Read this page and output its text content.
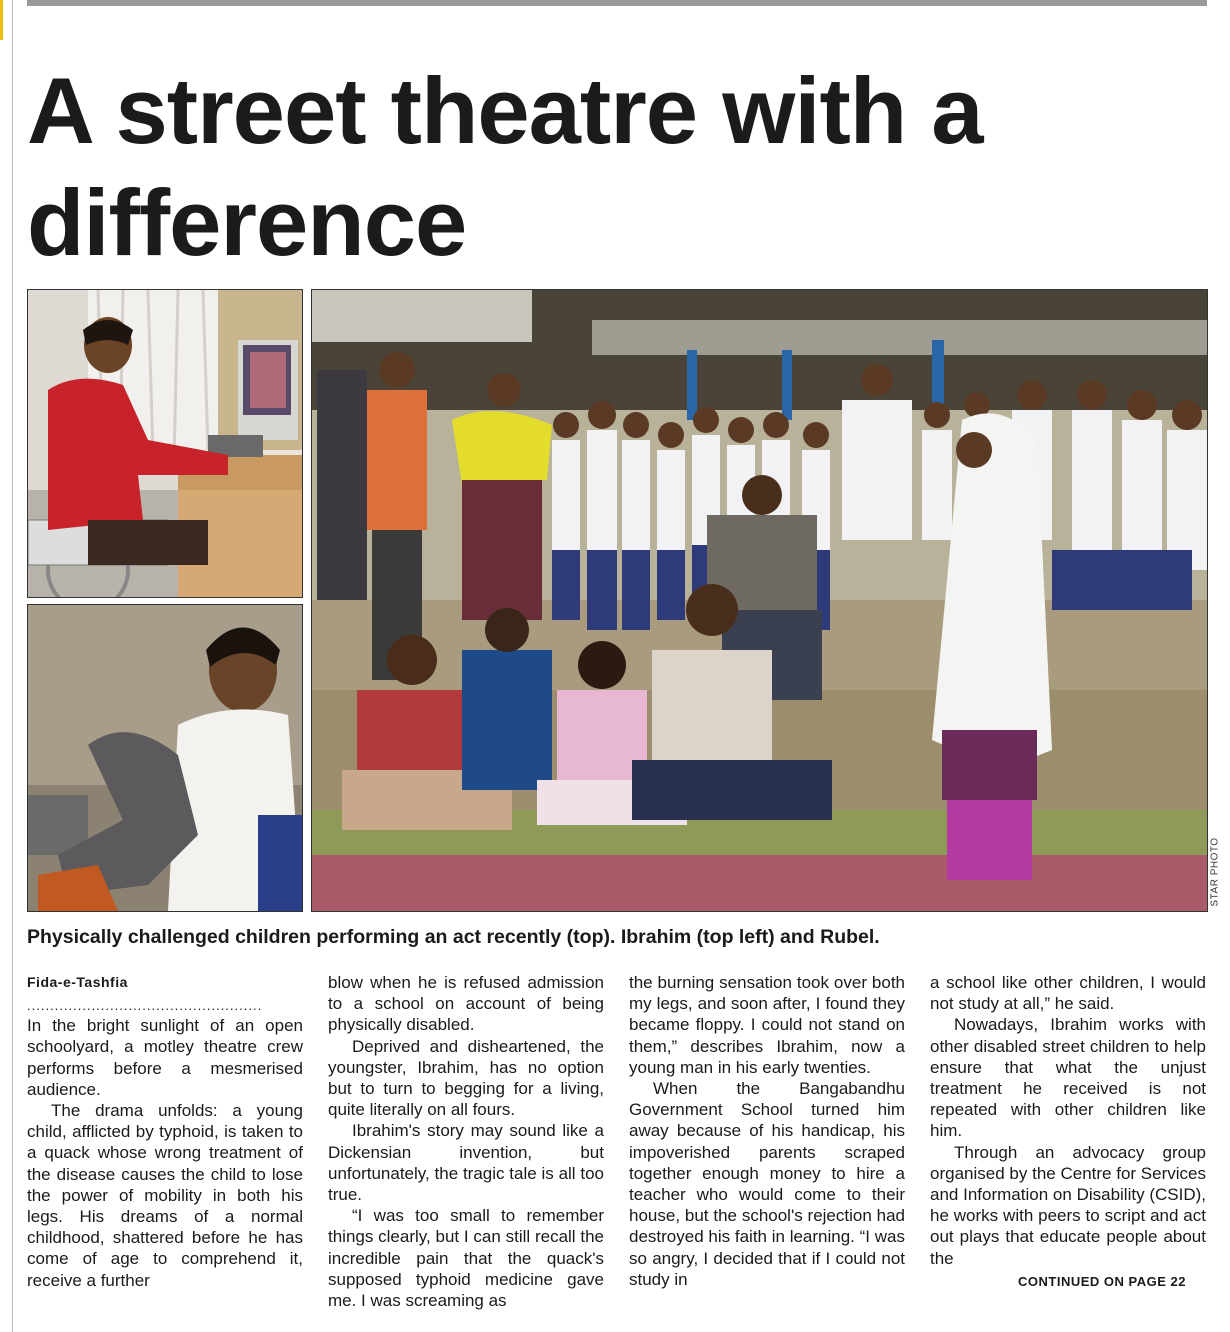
A street theatre with a difference
STAR PHOTO
Physically challenged children performing an act recently (top). Ibrahim (top left) and Rubel.

Fida-e-Tashfia

...................................................

In the bright sunlight of an open schoolyard, a motley theatre crew performs before a mesmerised audience.

The drama unfolds: a young child, afflicted by typhoid, is taken to a quack whose wrong treatment of the disease causes the child to lose the power of mobility in both his legs. His dreams of a normal childhood, shattered before he has come of age to comprehend it, receive a further

blow when he is refused admission to a school on account of being physically disabled.

Deprived and disheartened, the youngster, Ibrahim, has no option but to turn to begging for a living, quite literally on all fours.

Ibrahim's story may sound like a Dickensian invention, but unfortunately, the tragic tale is all too true.

“I was too small to remember things clearly, but I can still recall the incredible pain that the quack's supposed typhoid medicine gave me. I was screaming as

the burning sensation took over both my legs, and soon after, I found they became floppy. I could not stand on them,” describes Ibrahim, now a young man in his early twenties.

When the Bangabandhu Government School turned him away because of his handicap, his impoverished parents scraped together enough money to hire a teacher who would come to their house, but the school's rejection had destroyed his faith in learning. “I was so angry, I decided that if I could not study in

a school like other children, I would not study at all,” he said.

Nowadays, Ibrahim works with other disabled street children to help ensure that what the unjust treatment he received is not repeated with other children like him.

Through an advocacy group organised by the Centre for Services and Information on Disability (CSID), he works with peers to script and act out plays that educate people about the

CONTINUED ON PAGE 22
